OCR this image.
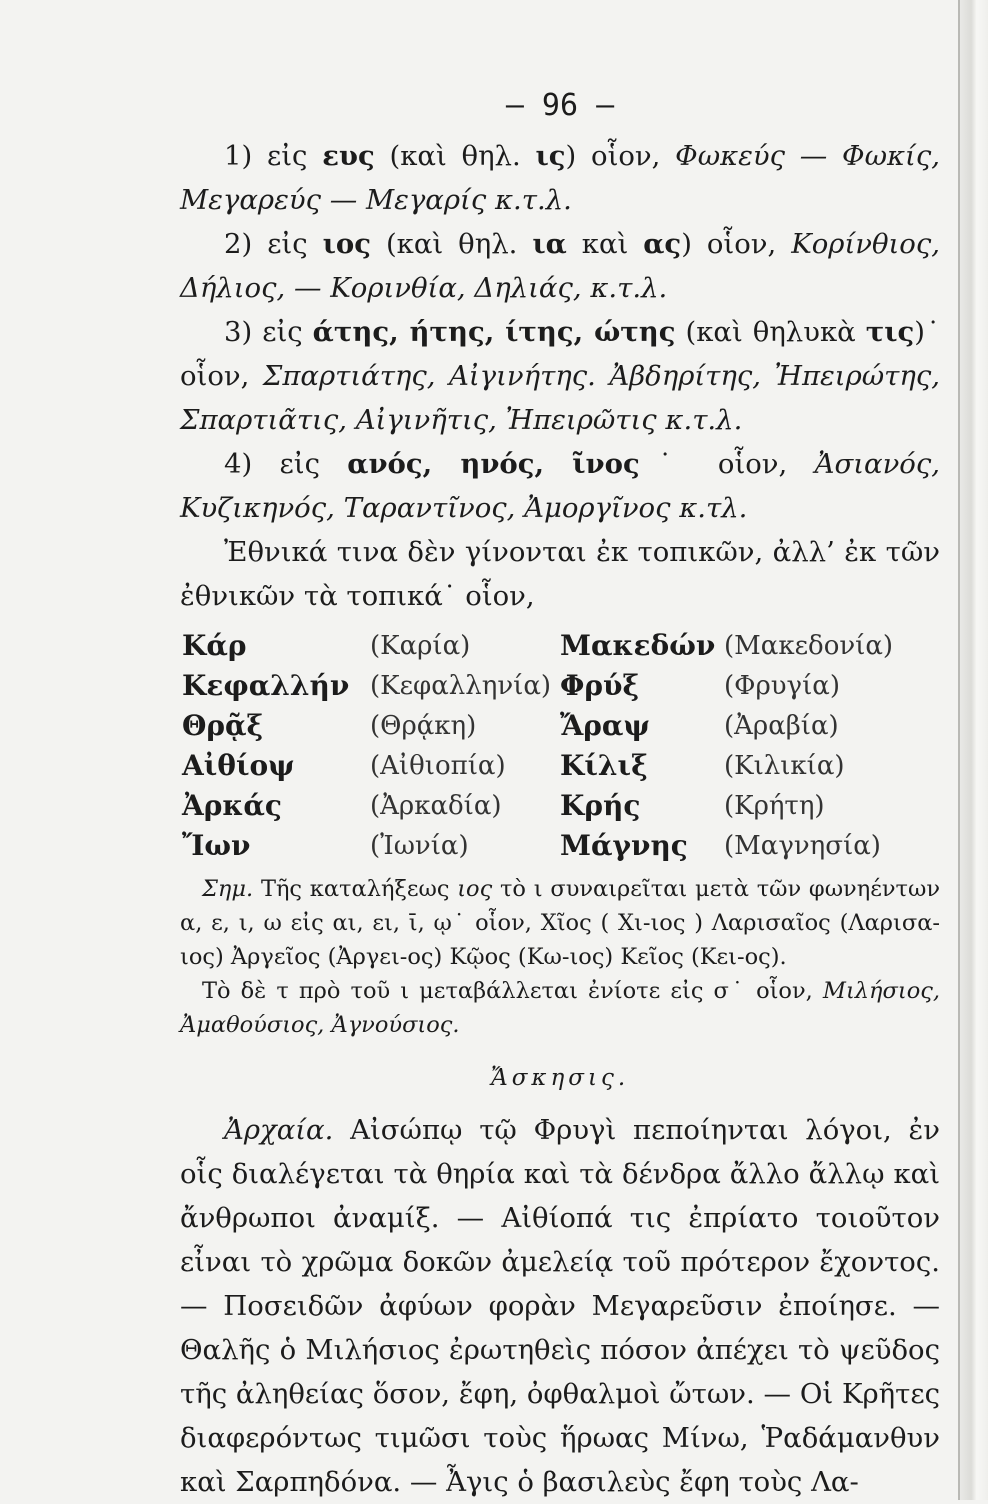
— 96 —

1) εἰς ευς (καὶ θηλ. ις) οἷον, Φωκεύς — Φωκίς, Μεγαρεύς — Μεγαρίς κ.τ.λ.

2) εἰς ιος (καὶ θηλ. ια καὶ ας) οἷον, Κορίνθιος, Δήλιος, — Κορινθία, Δηλιάς, κ.τ.λ.

3) εἰς άτης, ήτης, ίτης, ώτης (καὶ θηλυκὰ τις)˙ οἷον, Σπαρτιάτης, Αἰγινήτης. Ἀβδηρίτης, Ἠπειρώτης, Σπαρτιᾶτις, Αἰγινῆτις, Ἠπειρῶτις κ.τ.λ.

4) εἰς ανός, ηνός, ῖνος˙ οἷον, Ἀσιανός, Κυζικηνός, Ταραντῖνος, Ἀμοργῖνος κ.τλ.

Ἐθνικά τινα δὲν γίνονται ἐκ τοπικῶν, ἀλλ’ ἐκ τῶν ἐθνικῶν τὰ τοπικά˙ οἷον,

Κάρ	(Καρία)	Μακεδών (Μακεδονία)
Κεφαλλήν (Κεφαλληνία) Φρύξ	(Φρυγία)
Θρᾷξ	(Θρᾴκη)	Ἄραψ	(Ἀραβία)
Αἰθίοψ	(Αἰθιοπία)	Κίλιξ	(Κιλικία)
Ἀρκάς	(Ἀρκαδία)	Κρής	(Κρήτη)
Ἴων	(Ἰωνία)	Μάγνης	(Μαγνησία)

Σημ. Τῆς καταλήξεως ιος τὸ ι συναιρεῖται μετὰ τῶν φωνηέντων α, ε, ι, ω εἰς αι, ει, ῑ, ῳ˙ οἷον, Χῖος ( Χι-ιος ) Λαρισαῖος (Λαρισα-ιος) Ἀργεῖος (Ἀργει-ος) Κῷος (Κω-ιος) Κεῖος (Κει-ος).

Τὸ δὲ τ πρὸ τοῦ ι μεταβάλλεται ἐνίοτε εἰς σ˙ οἷον, Μιλήσιος, Ἀμαθούσιος, Ἀγνούσιος.

Ἄσκησις.

Ἀρχαία. Αἰσώπῳ τῷ Φρυγὶ πεποίηνται λόγοι, ἐν οἷς διαλέγεται τὰ θηρία καὶ τὰ δένδρα ἄλλο ἄλλῳ καὶ ἄνθρωποι ἀναμίξ. — Αἰθίοπά τις ἐπρίατο τοιοῦτον εἶναι τὸ χρῶμα δοκῶν ἀμελείᾳ τοῦ πρότερον ἔχοντος. — Ποσειδῶν ἀφύων φορὰν Μεγαρεῦσιν ἐποίησε. — Θαλῆς ὁ Μιλήσιος ἐρωτηθεὶς πόσον ἀπέχει τὸ ψεῦδος τῆς ἀληθείας ὅσον, ἔφη, ὀφθαλμοὶ ὤτων. — Οἱ Κρῆτες διαφερόντως τιμῶσι τοὺς ἥρωας Μίνω, Ῥαδάμανθυν καὶ Σαρπηδόνα. — Ἆγις ὁ βασιλεὺς ἔφη τοὺς Λα-
